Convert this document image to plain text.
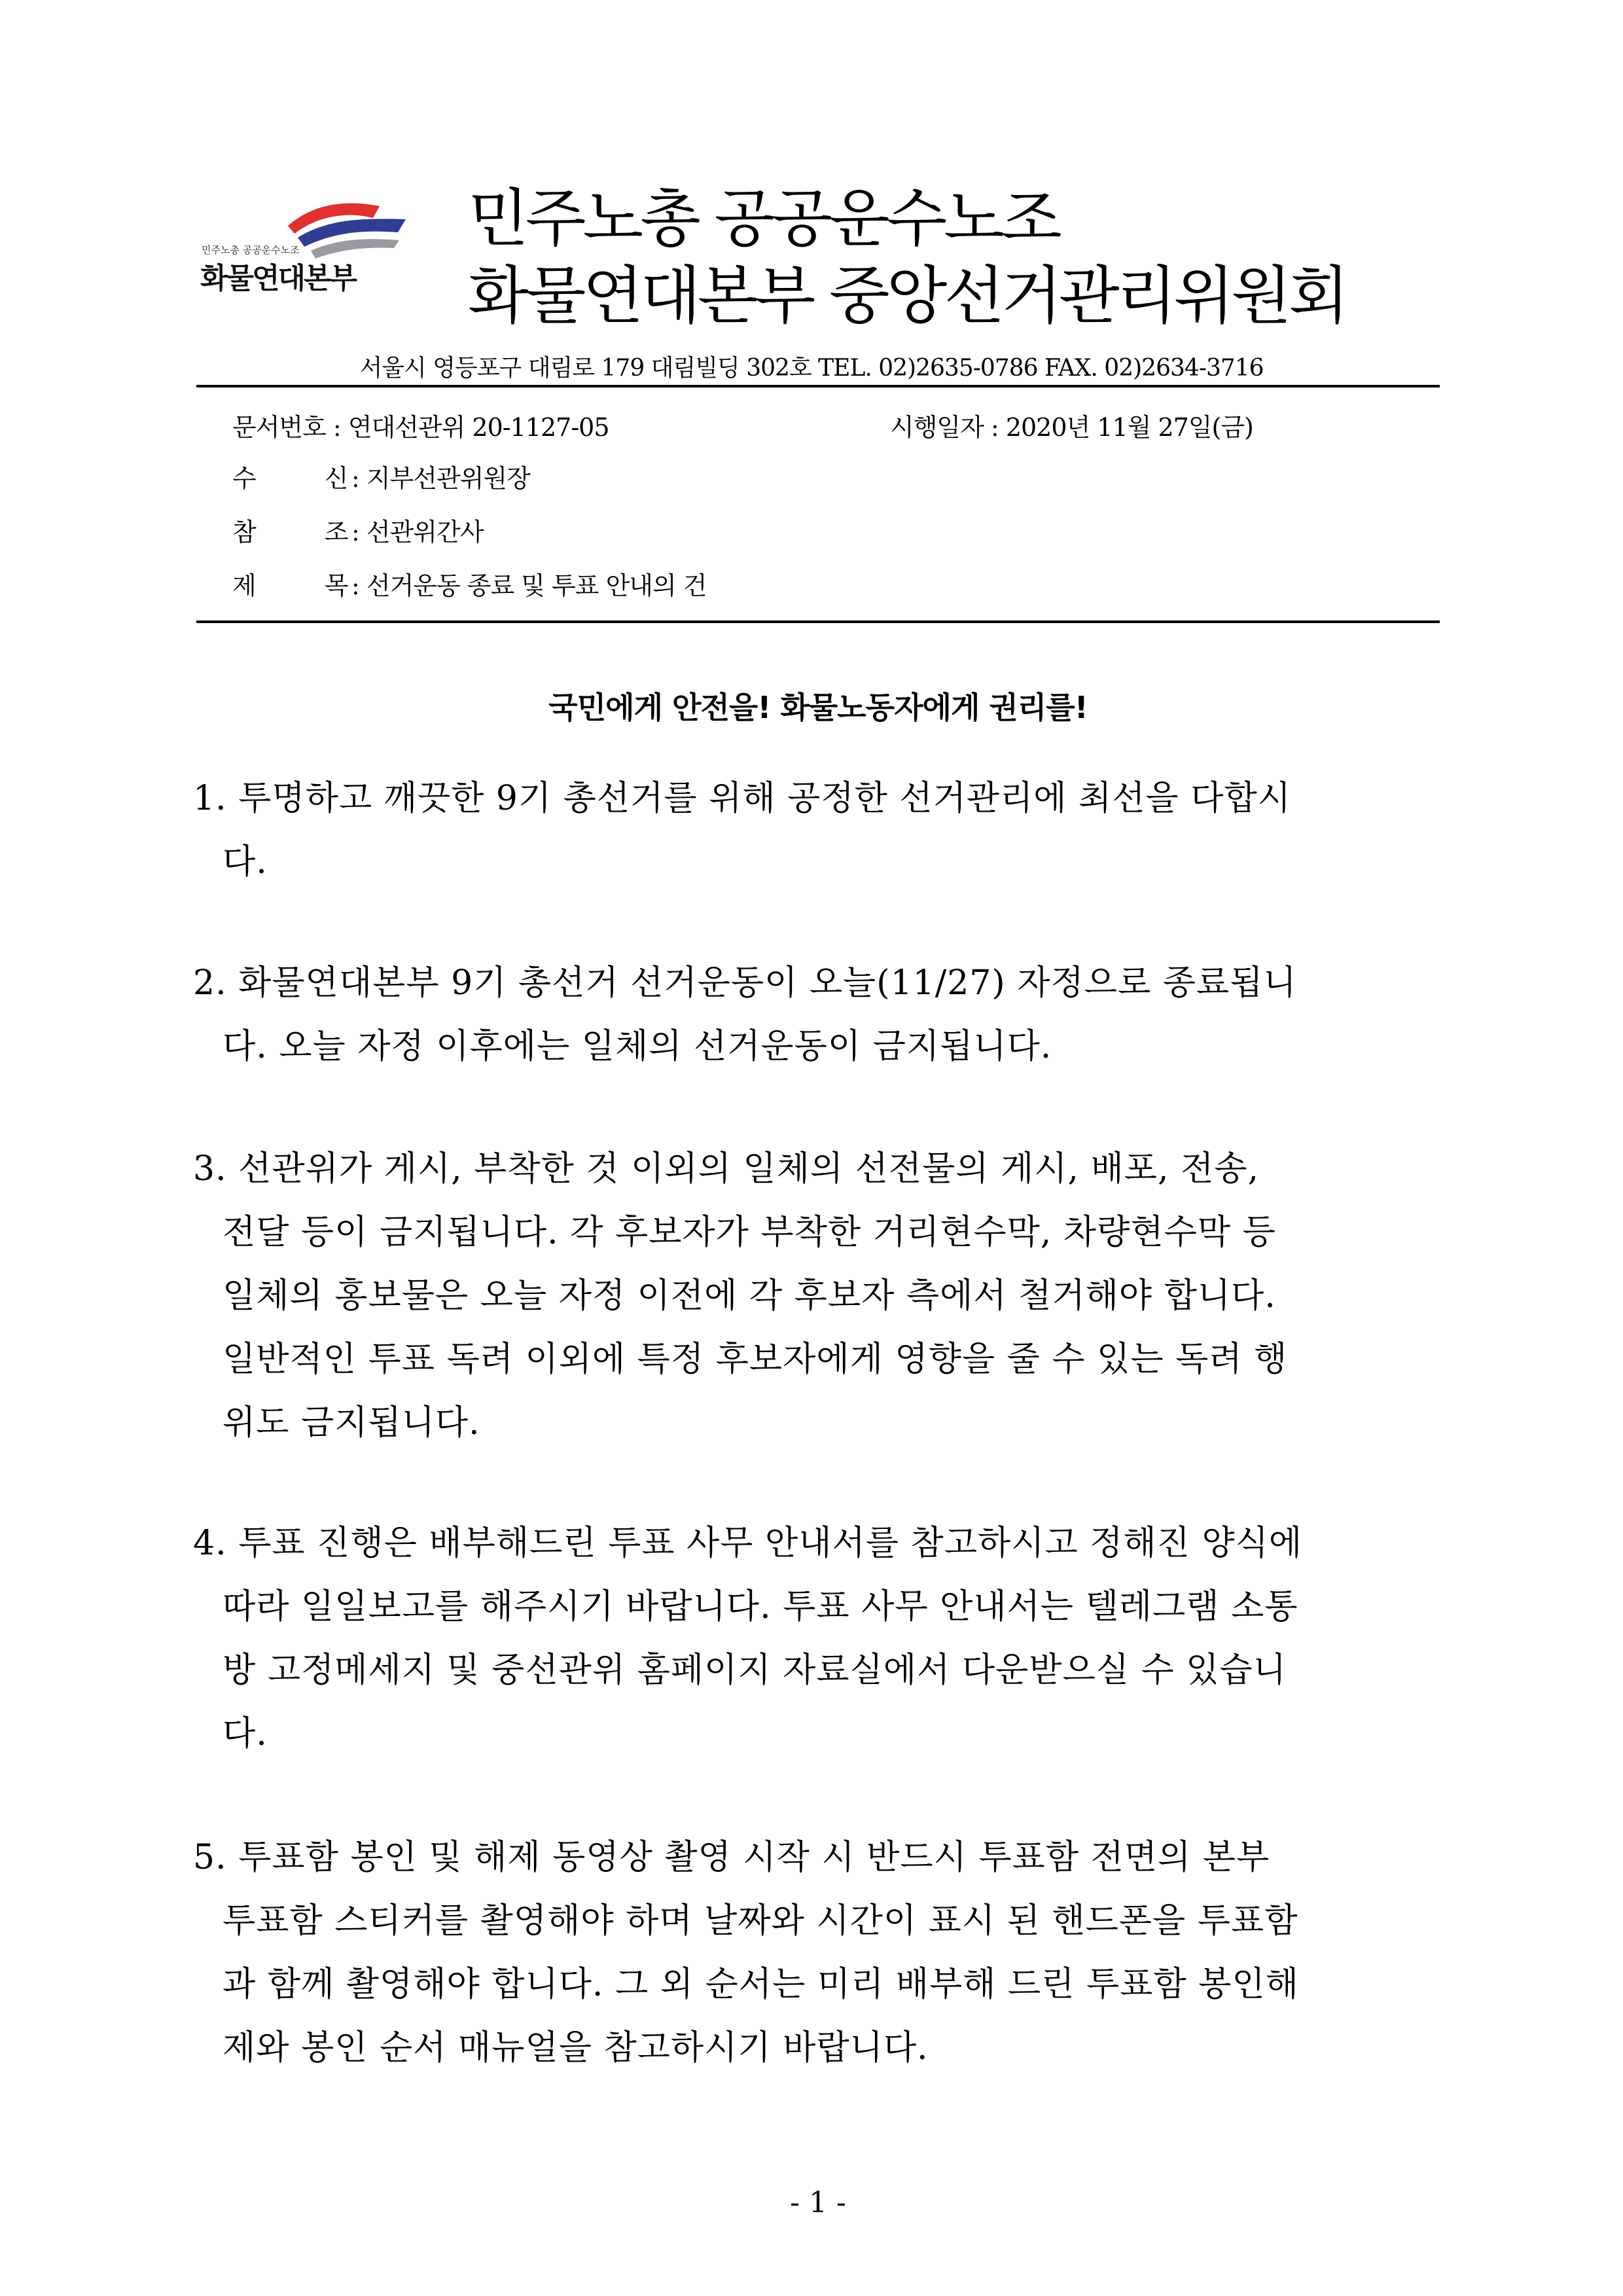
민주노총 공공운수노조
화물연대본부
민주노총 공공운수노조
화물연대본부 중앙선거관리위원회
서울시 영등포구 대림로 179 대림빌딩 302호 TEL. 02)2635-0786 FAX. 02)2634-3716
문서번호 : 연대선관위 20-1127-05	시행일자 : 2020년 11월 27일(금)
수 신: 지부선관위원장
참 조: 선관위간사
제 목: 선거운동 종료 및 투표 안내의 건
국민에게 안전을! 화물노동자에게 권리를!
1. 투명하고 깨끗한 9기 총선거를 위해 공정한 선거관리에 최선을 다합시
다.
2. 화물연대본부 9기 총선거 선거운동이 오늘(11/27) 자정으로 종료됩니
다. 오늘 자정 이후에는 일체의 선거운동이 금지됩니다.
3. 선관위가 게시, 부착한 것 이외의 일체의 선전물의 게시, 배포, 전송,
전달 등이 금지됩니다. 각 후보자가 부착한 거리현수막, 차량현수막 등
일체의 홍보물은 오늘 자정 이전에 각 후보자 측에서 철거해야 합니다.
일반적인 투표 독려 이외에 특정 후보자에게 영향을 줄 수 있는 독려 행
위도 금지됩니다.
4. 투표 진행은 배부해드린 투표 사무 안내서를 참고하시고 정해진 양식에
따라 일일보고를 해주시기 바랍니다. 투표 사무 안내서는 텔레그램 소통
방 고정메세지 및 중선관위 홈페이지 자료실에서 다운받으실 수 있습니
다.
5. 투표함 봉인 및 해제 동영상 촬영 시작 시 반드시 투표함 전면의 본부
투표함 스티커를 촬영해야 하며 날짜와 시간이 표시 된 핸드폰을 투표함
과 함께 촬영해야 합니다. 그 외 순서는 미리 배부해 드린 투표함 봉인해
제와 봉인 순서 매뉴얼을 참고하시기 바랍니다.
- 1 -
